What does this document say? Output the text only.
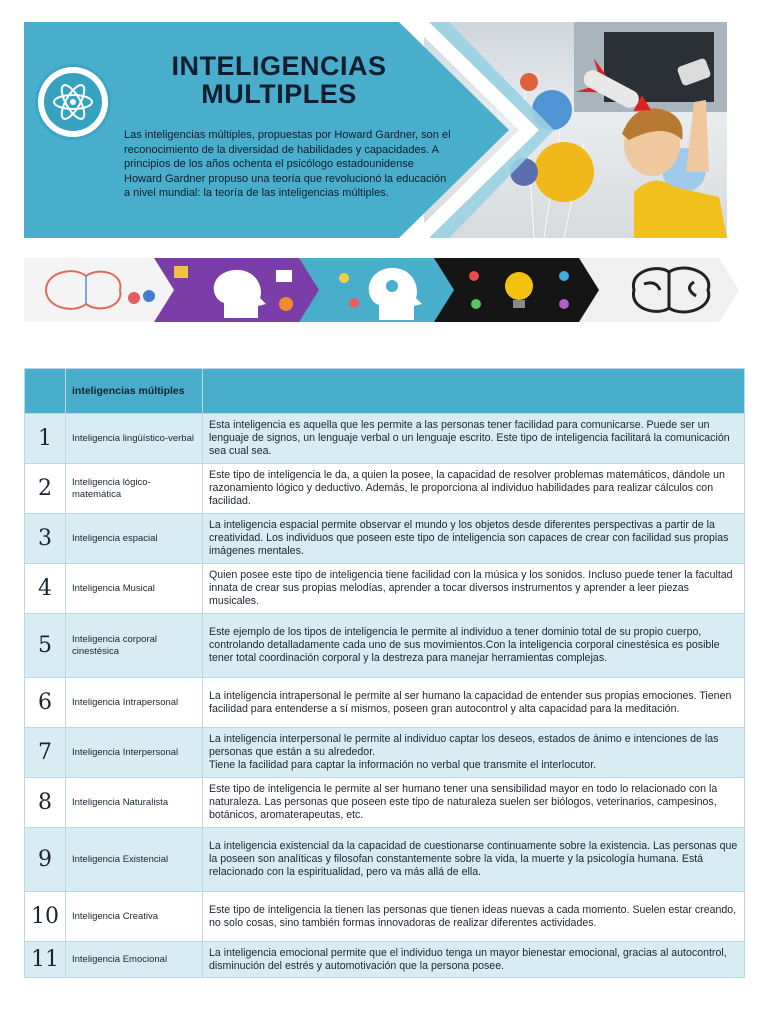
INTELIGENCIAS
MULTIPLES
Las inteligencias múltiples, propuestas por Howard Gardner, son el reconocimiento de la diversidad de habilidades y capacidades. A principios de los años ochenta el psicólogo estadounidense Howard Gardner propuso una teoría que revolucionó la educación a nivel mundial: la teoría de las inteligencias múltiples.
	inteligencias múltiples	
1	Inteligencia lingüístico-verbal	Esta inteligencia es aquella que les permite a las personas tener facilidad para comunicarse. Puede ser un lenguaje de signos, un lenguaje verbal o un lenguaje escrito. Este tipo de inteligencia facilitará la comunicación sea cual sea.
2	Inteligencia lógico-matemática	Este tipo de inteligencia le da, a quien la posee, la capacidad de resolver problemas matemáticos, dándole un razonamiento lógico y deductivo. Además, le proporciona al individuo habilidades para realizar cálculos con facilidad.
3	Inteligencia espacial	La inteligencia espacial permite observar el mundo y los objetos desde diferentes perspectivas a partir de la creatividad. Los individuos que poseen este tipo de inteligencia son capaces de crear con facilidad sus propias imágenes mentales.
4	Inteligencia Musical	Quien posee este tipo de inteligencia tiene facilidad con la música y los sonidos. Incluso puede tener la facultad innata de crear sus propias melodías, aprender a tocar diversos instrumentos y aprender a leer piezas musicales.
5	Inteligencia corporal cinestésica	Este ejemplo de los tipos de inteligencia le permite al individuo a tener dominio total de su propio cuerpo, controlando detalladamente cada uno de sus movimientos.Con la inteligencia corporal cinestésica es posible tener total coordinación corporal y la destreza para manejar herramientas complejas.
6	Inteligencia Intrapersonal	La inteligencia intrapersonal le permite al ser humano la capacidad de entender sus propias emociones. Tienen facilidad para entenderse a sí mismos, poseen gran autocontrol y alta capacidad para la meditación.
7	Inteligencia Interpersonal	La inteligencia interpersonal le permite al individuo captar los deseos, estados de ánimo e intenciones de las personas que están a su alrededor.
Tiene la facilidad para captar la información no verbal que transmite el interlocutor.
8	Inteligencia Naturalista	Este tipo de inteligencia le permite al ser humano tener una sensibilidad mayor en todo lo relacionado con la naturaleza. Las personas que poseen este tipo de naturaleza suelen ser biólogos, veterinarios, campesinos, botánicos, aromaterapeutas, etc.
9	Inteligencia Existencial	La inteligencia existencial da la capacidad de cuestionarse continuamente sobre la existencia. Las personas que la poseen son analíticas y filosofan constantemente sobre la vida, la muerte y la psicología humana. Está relacionado con la espiritualidad, pero va más allá de ella.
10	Inteligencia Creativa	Este tipo de inteligencia la tienen las personas que tienen ideas nuevas a cada momento. Suelen estar creando, no solo cosas, sino también formas innovadoras de realizar diferentes actividades.
11	Inteligencia Emocional	La inteligencia emocional permite que el individuo tenga un mayor bienestar emocional, gracias al autocontrol, disminución del estrés y automotivación que la persona posee.
